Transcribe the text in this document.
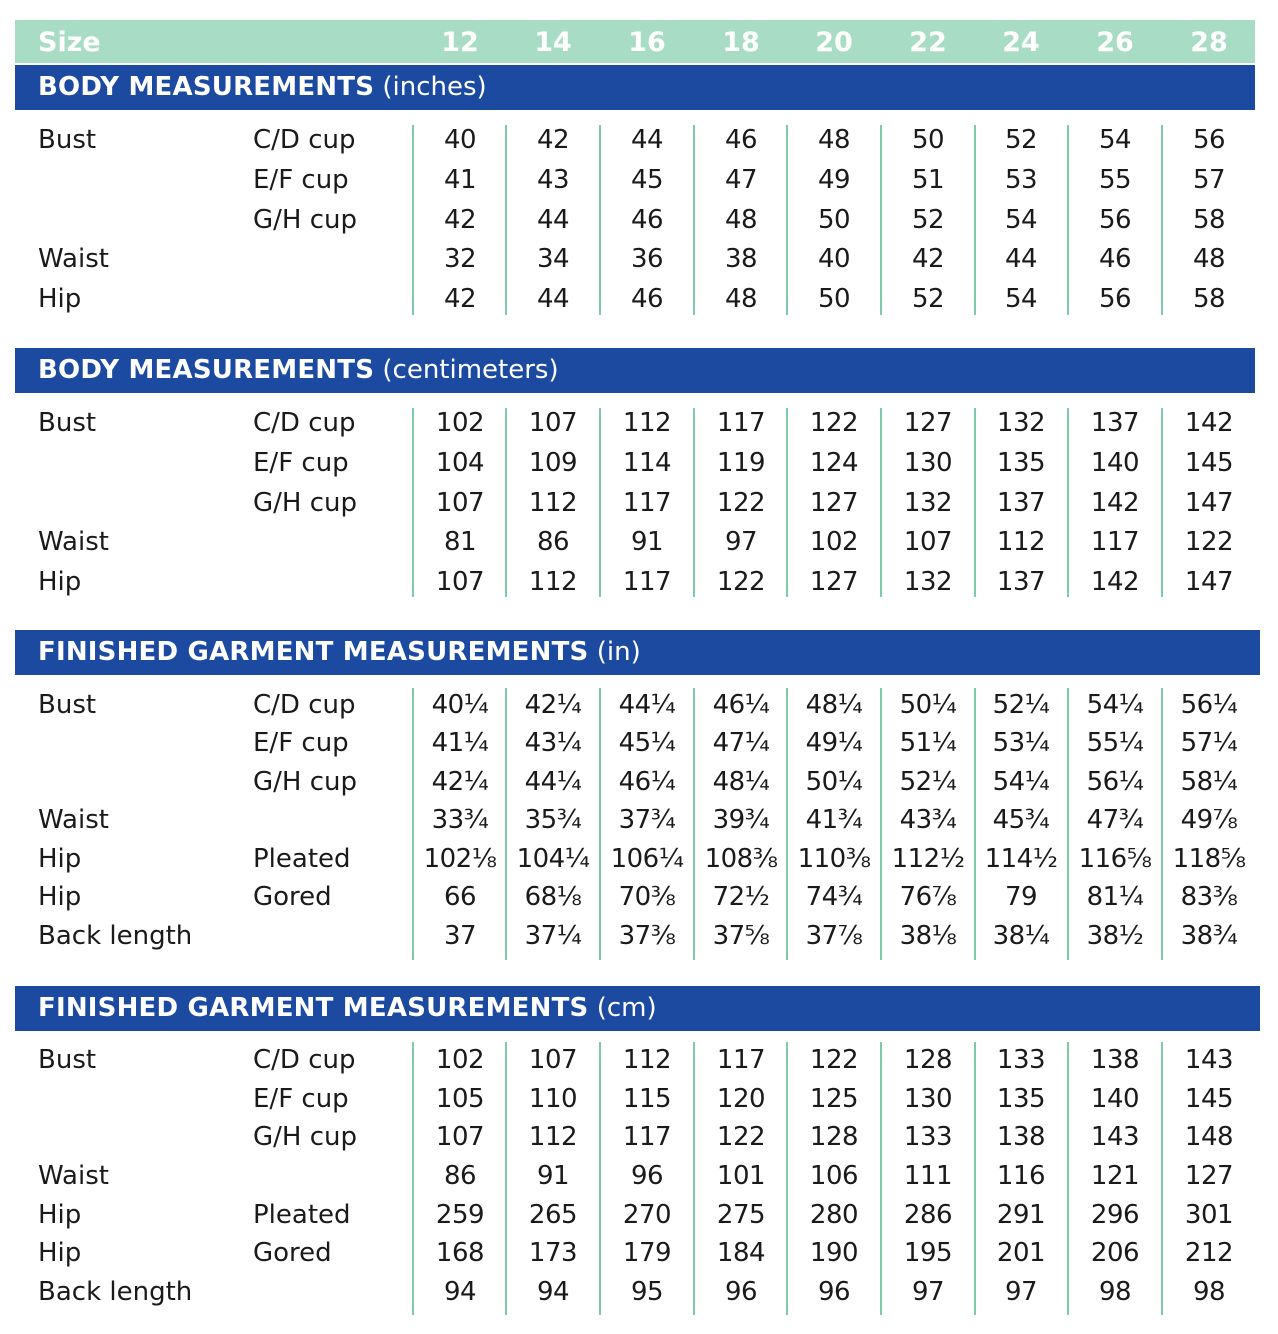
Size	12	14	16	18	20	22	24	26	28
BODY MEASUREMENTS (inches)
Bust	C/D cup	40	42	44	46	48	50	52	54	56
E/F cup	41	43	45	47	49	51	53	55	57
G/H cup	42	44	46	48	50	52	54	56	58
Waist	32	34	36	38	40	42	44	46	48
Hip	42	44	46	48	50	52	54	56	58
BODY MEASUREMENTS (centimeters)
Bust	C/D cup	102	107	112	117	122	127	132	137	142
E/F cup	104	109	114	119	124	130	135	140	145
G/H cup	107	112	117	122	127	132	137	142	147
Waist	81	86	91	97	102	107	112	117	122
Hip	107	112	117	122	127	132	137	142	147
FINISHED GARMENT MEASUREMENTS (in)
Bust	C/D cup	40¼	42¼	44¼	46¼	48¼	50¼	52¼	54¼	56¼
E/F cup	41¼	43¼	45¼	47¼	49¼	51¼	53¼	55¼	57¼
G/H cup	42¼	44¼	46¼	48¼	50¼	52¼	54¼	56¼	58¼
Waist	33¾	35¾	37¾	39¾	41¾	43¾	45¾	47¾	49⅞
Hip	Pleated	102⅛ 104¼ 106¼ 108⅜ 110⅜ 112½ 114½ 116⅝ 118⅝
Hip	Gored	66	68⅛	70⅜	72½	74¾	76⅞	79	81¼	83⅜
Back length	37	37¼	37⅜	37⅝	37⅞	38⅛	38¼	38½	38¾
FINISHED GARMENT MEASUREMENTS (cm)
Bust	C/D cup	102	107	112	117	122	128	133	138	143
E/F cup	105	110	115	120	125	130	135	140	145
G/H cup	107	112	117	122	128	133	138	143	148
Waist	86	91	96	101	106	111	116	121	127
Hip	Pleated	259	265	270	275	280	286	291	296	301
Hip	Gored	168	173	179	184	190	195	201	206	212
Back length	94	94	95	96	96	97	97	98	98
